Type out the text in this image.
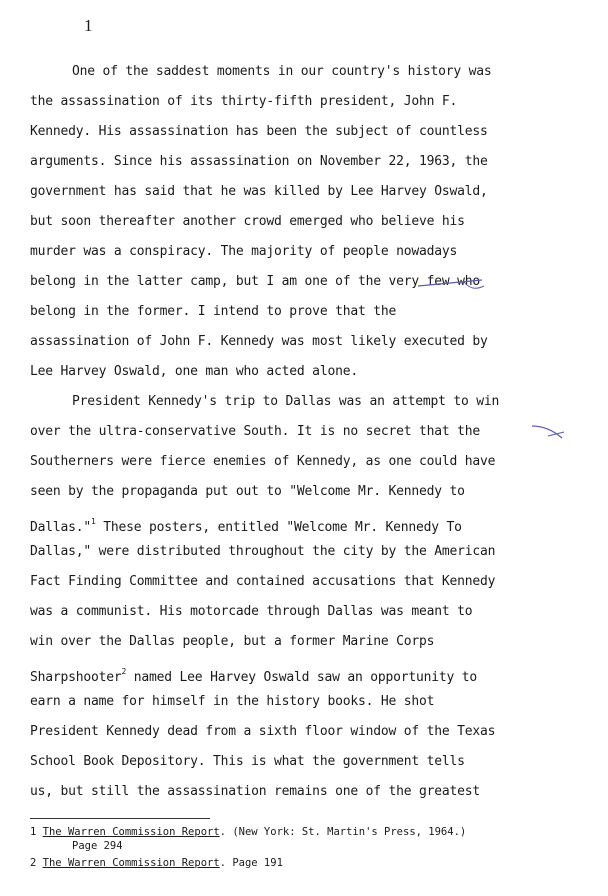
1
One of the saddest moments in our country's history was
the assassination of its thirty-fifth president, John F.
Kennedy. His assassination has been the subject of countless
arguments. Since his assassination on November 22, 1963, the
government has said that he was killed by Lee Harvey Oswald,
but soon thereafter another crowd emerged who believe his
murder was a conspiracy. The majority of people nowadays
belong in the latter camp, but I am one of the very few who
belong in the former. I intend to prove that the
assassination of John F. Kennedy was most likely executed by
Lee Harvey Oswald, one man who acted alone.
President Kennedy's trip to Dallas was an attempt to win
over the ultra-conservative South. It is no secret that the
Southerners were fierce enemies of Kennedy, as one could have
seen by the propaganda put out to "Welcome Mr. Kennedy to
Dallas."$^1$ These posters, entitled "Welcome Mr. Kennedy To
Dallas," were distributed throughout the city by the American
Fact Finding Committee and contained accusations that Kennedy
was a communist. His motorcade through Dallas was meant to
win over the Dallas people, but a former Marine Corps
Sharpshooter$^2$ named Lee Harvey Oswald saw an opportunity to
earn a name for himself in the history books. He shot
President Kennedy dead from a sixth floor window of the Texas
School Book Depository. This is what the government tells
us, but still the assassination remains one of the greatest
1 The Warren Commission Report. (New York: St. Martin's Press, 1964.)
Page 294
2 The Warren Commission Report. Page 191
